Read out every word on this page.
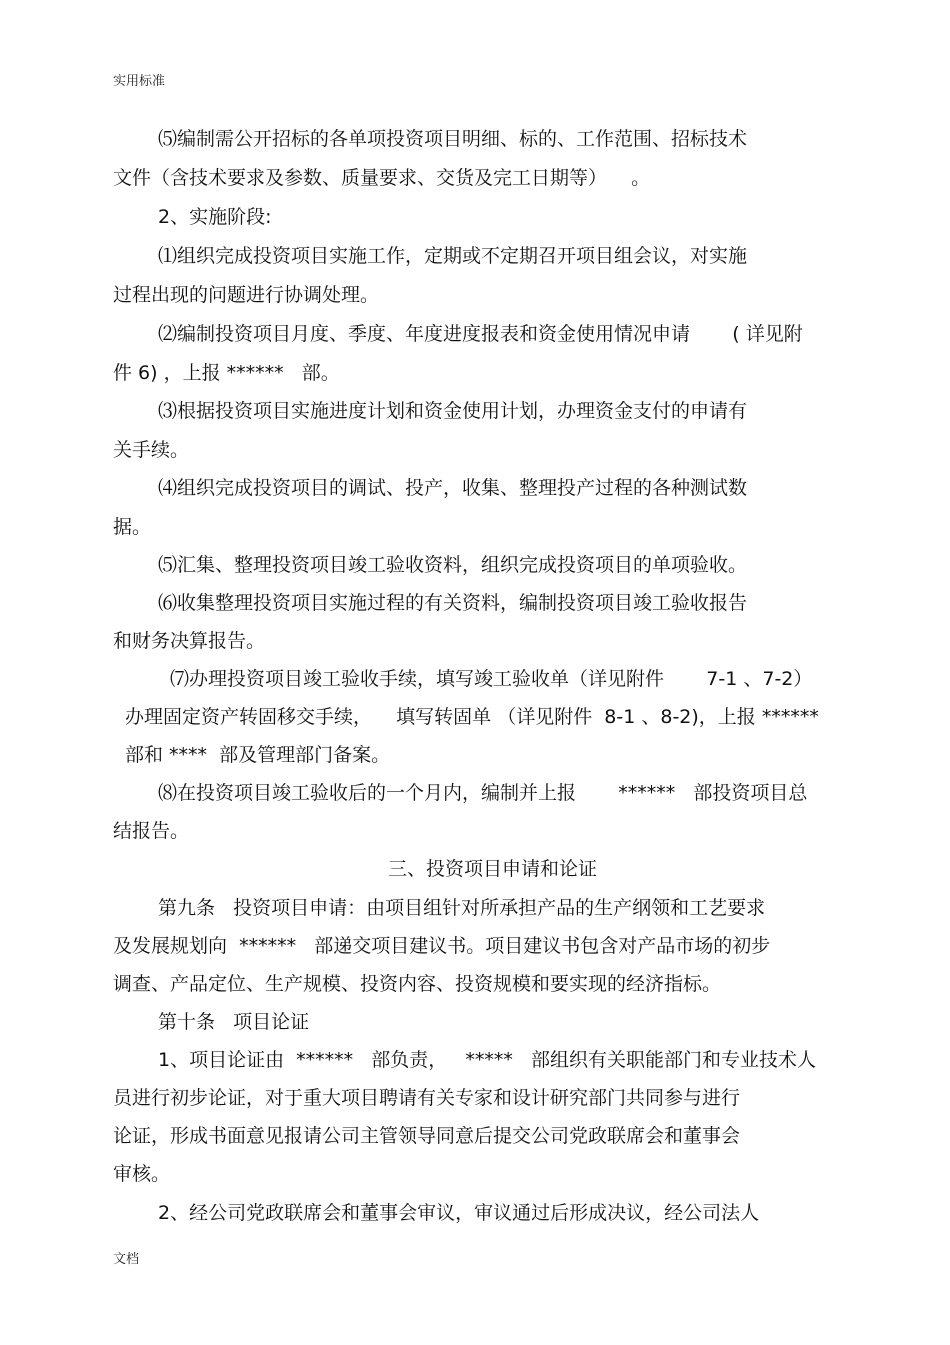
实用标准
⑸编制需公开招标的各单项投资项目明细、标的、工作范围、招标技术
文件（含技术要求及参数、质量要求、交货及完工日期等）    。
2、实施阶段:
⑴组织完成投资项目实施工作，定期或不定期召开项目组会议，对实施
过程出现的问题进行协调处理。
⑵编制投资项目月度、季度、年度进度报表和资金使用情况申请       ( 详见附
件 6) ，上报 ******   部。
⑶根据投资项目实施进度计划和资金使用计划，办理资金支付的申请有
关手续。
⑷组织完成投资项目的调试、投产，收集、整理投产过程的各种测试数
据。
⑸汇集、整理投资项目竣工验收资料，组织完成投资项目的单项验收。
⑹收集整理投资项目实施过程的有关资料，编制投资项目竣工验收报告
和财务决算报告。
⑺办理投资项目竣工验收手续，填写竣工验收单（详见附件       7-1 、7-2）
办理固定资产转固移交手续，    填写转固单 （详见附件  8-1 、8-2)，上报 ******
部和 ****  部及管理部门备案。
⑻在投资项目竣工验收后的一个月内，编制并上报       ******   部投资项目总
结报告。
三、投资项目申请和论证
第九条   投资项目申请：由项目组针对所承担产品的生产纲领和工艺要求
及发展规划向  ******   部递交项目建议书。项目建议书包含对产品市场的初步
调查、产品定位、生产规模、投资内容、投资规模和要实现的经济指标。
第十条   项目论证
1、项目论证由  ******   部负责，   *****   部组织有关职能部门和专业技术人
员进行初步论证，对于重大项目聘请有关专家和设计研究部门共同参与进行
论证，形成书面意见报请公司主管领导同意后提交公司党政联席会和董事会
审核。
2、经公司党政联席会和董事会审议，审议通过后形成决议，经公司法人
文档
